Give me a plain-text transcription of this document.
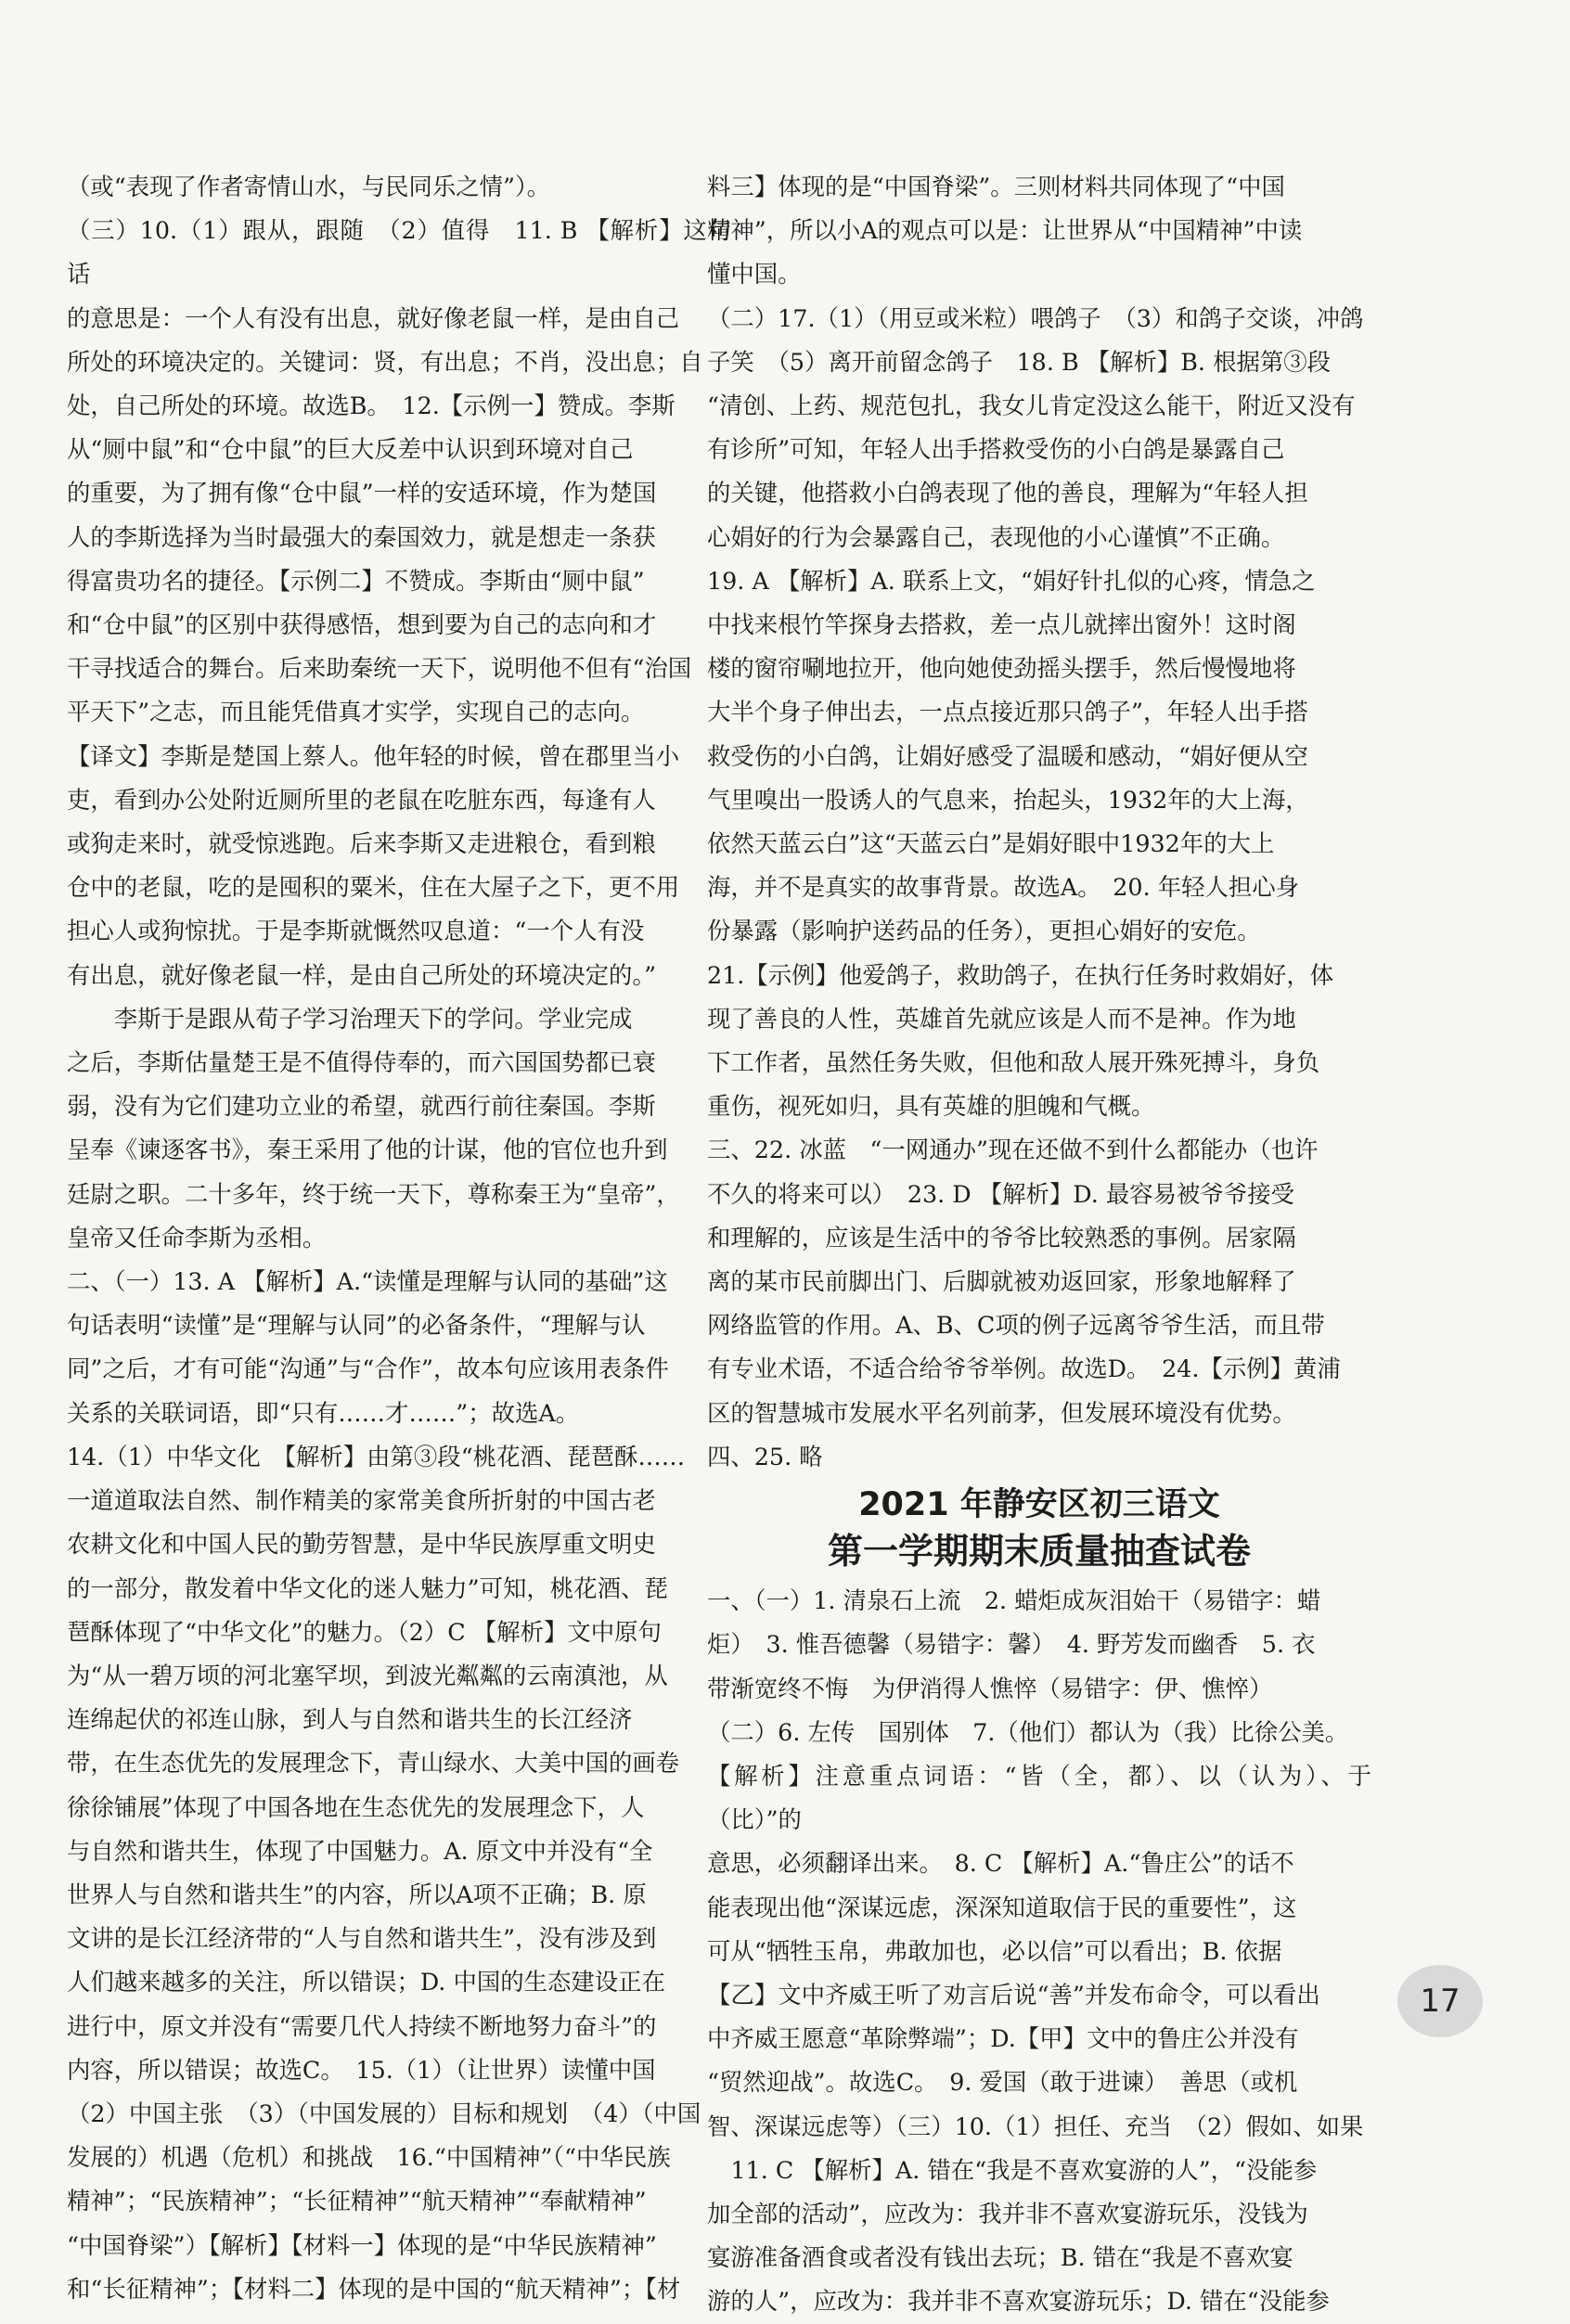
（或“表现了作者寄情山水，与民同乐之情”）。

（三）10.（1）跟从，跟随　（2）值得　11. B 【解析】这句话

的意思是：一个人有没有出息，就好像老鼠一样，是由自己

所处的环境决定的。关键词：贤，有出息；不肖，没出息；自

处，自己所处的环境。故选B。　12.【示例一】赞成。李斯

从“厕中鼠”和“仓中鼠”的巨大反差中认识到环境对自己

的重要，为了拥有像“仓中鼠”一样的安适环境，作为楚国

人的李斯选择为当时最强大的秦国效力，就是想走一条获

得富贵功名的捷径。【示例二】不赞成。李斯由“厕中鼠”

和“仓中鼠”的区别中获得感悟，想到要为自己的志向和才

干寻找适合的舞台。后来助秦统一天下，说明他不但有“治国

平天下”之志，而且能凭借真才实学，实现自己的志向。

【译文】李斯是楚国上蔡人。他年轻的时候，曾在郡里当小

吏，看到办公处附近厕所里的老鼠在吃脏东西，每逢有人

或狗走来时，就受惊逃跑。后来李斯又走进粮仓，看到粮

仓中的老鼠，吃的是囤积的粟米，住在大屋子之下，更不用

担心人或狗惊扰。于是李斯就慨然叹息道：“一个人有没

有出息，就好像老鼠一样，是由自己所处的环境决定的。”

　　李斯于是跟从荀子学习治理天下的学问。学业完成

之后，李斯估量楚王是不值得侍奉的，而六国国势都已衰

弱，没有为它们建功立业的希望，就西行前往秦国。李斯

呈奉《谏逐客书》，秦王采用了他的计谋，他的官位也升到

廷尉之职。二十多年，终于统一天下，尊称秦王为“皇帝”，

皇帝又任命李斯为丞相。

二、（一）13. A 【解析】A.“读懂是理解与认同的基础”这

句话表明“读懂”是“理解与认同”的必备条件，“理解与认

同”之后，才有可能“沟通”与“合作”，故本句应该用表条件

关系的关联词语，即“只有……才……”；故选A。

14.（1）中华文化　【解析】由第③段“桃花酒、琵琶酥……

一道道取法自然、制作精美的家常美食所折射的中国古老

农耕文化和中国人民的勤劳智慧，是中华民族厚重文明史

的一部分，散发着中华文化的迷人魅力”可知，桃花酒、琵

琶酥体现了“中华文化”的魅力。（2）C 【解析】文中原句

为“从一碧万顷的河北塞罕坝，到波光粼粼的云南滇池，从

连绵起伏的祁连山脉，到人与自然和谐共生的长江经济

带，在生态优先的发展理念下，青山绿水、大美中国的画卷

徐徐铺展”体现了中国各地在生态优先的发展理念下，人

与自然和谐共生，体现了中国魅力。A. 原文中并没有“全

世界人与自然和谐共生”的内容，所以A项不正确；B. 原

文讲的是长江经济带的“人与自然和谐共生”，没有涉及到

人们越来越多的关注，所以错误；D. 中国的生态建设正在

进行中，原文并没有“需要几代人持续不断地努力奋斗”的

内容，所以错误；故选C。　15.（1）（让世界）读懂中国

（2）中国主张　（3）（中国发展的）目标和规划　（4）（中国

发展的）机遇（危机）和挑战　16.“中国精神”（“中华民族

精神”；“民族精神”；“长征精神”“航天精神”“奉献精神”

“中国脊梁”）【解析】【材料一】体现的是“中华民族精神”

和“长征精神”；【材料二】体现的是中国的“航天精神”；【材

料三】体现的是“中国脊梁”。三则材料共同体现了“中国

精神”，所以小A的观点可以是：让世界从“中国精神”中读

懂中国。

（二）17.（1）（用豆或米粒）喂鸽子　（3）和鸽子交谈，冲鸽

子笑　（5）离开前留念鸽子　18. B 【解析】B. 根据第③段

“清创、上药、规范包扎，我女儿肯定没这么能干，附近又没有

有诊所”可知，年轻人出手搭救受伤的小白鸽是暴露自己

的关键，他搭救小白鸽表现了他的善良，理解为“年轻人担

心娟好的行为会暴露自己，表现他的小心谨慎”不正确。

19. A 【解析】A. 联系上文，“娟好针扎似的心疼，情急之

中找来根竹竿探身去搭救，差一点儿就摔出窗外！这时阁

楼的窗帘唰地拉开，他向她使劲摇头摆手，然后慢慢地将

大半个身子伸出去，一点点接近那只鸽子”，年轻人出手搭

救受伤的小白鸽，让娟好感受了温暖和感动，“娟好便从空

气里嗅出一股诱人的气息来，抬起头，1932年的大上海，

依然天蓝云白”这“天蓝云白”是娟好眼中1932年的大上

海，并不是真实的故事背景。故选A。　20. 年轻人担心身

份暴露（影响护送药品的任务），更担心娟好的安危。

21.【示例】他爱鸽子，救助鸽子，在执行任务时救娟好，体

现了善良的人性，英雄首先就应该是人而不是神。作为地

下工作者，虽然任务失败，但他和敌人展开殊死搏斗，身负

重伤，视死如归，具有英雄的胆魄和气概。

三、22. 冰蓝　“一网通办”现在还做不到什么都能办（也许

不久的将来可以）　23. D 【解析】D. 最容易被爷爷接受

和理解的，应该是生活中的爷爷比较熟悉的事例。居家隔

离的某市民前脚出门、后脚就被劝返回家，形象地解释了

网络监管的作用。A、B、C项的例子远离爷爷生活，而且带

有专业术语，不适合给爷爷举例。故选D。　24.【示例】黄浦

区的智慧城市发展水平名列前茅，但发展环境没有优势。

四、25. 略

2021 年静安区初三语文
第一学期期末质量抽查试卷

一、（一）1. 清泉石上流　2. 蜡炬成灰泪始干（易错字：蜡

炬）　3. 惟吾德馨（易错字：馨）　4. 野芳发而幽香　5. 衣

带渐宽终不悔　为伊消得人憔悴（易错字：伊、憔悴）

（二）6. 左传　国别体　7.（他们）都认为（我）比徐公美。

【解析】注意重点词语：“皆（全，都）、以（认为）、于（比）”的

意思，必须翻译出来。　8. C 【解析】A.“鲁庄公”的话不

能表现出他“深谋远虑，深深知道取信于民的重要性”，这

可从“牺牲玉帛，弗敢加也，必以信”可以看出；B. 依据

【乙】文中齐威王听了劝言后说“善”并发布命令，可以看出

中齐威王愿意“革除弊端”；D.【甲】文中的鲁庄公并没有

“贸然迎战”。故选C。　9. 爱国（敢于进谏）　善思（或机

智、深谋远虑等）（三）10.（1）担任、充当　（2）假如、如果

　11. C 【解析】A. 错在“我是不喜欢宴游的人”，“没能参

加全部的活动”，应改为：我并非不喜欢宴游玩乐，没钱为

宴游准备酒食或者没有钱出去玩；B. 错在“我是不喜欢宴

游的人”，应改为：我并非不喜欢宴游玩乐；D. 错在“没能参

17
